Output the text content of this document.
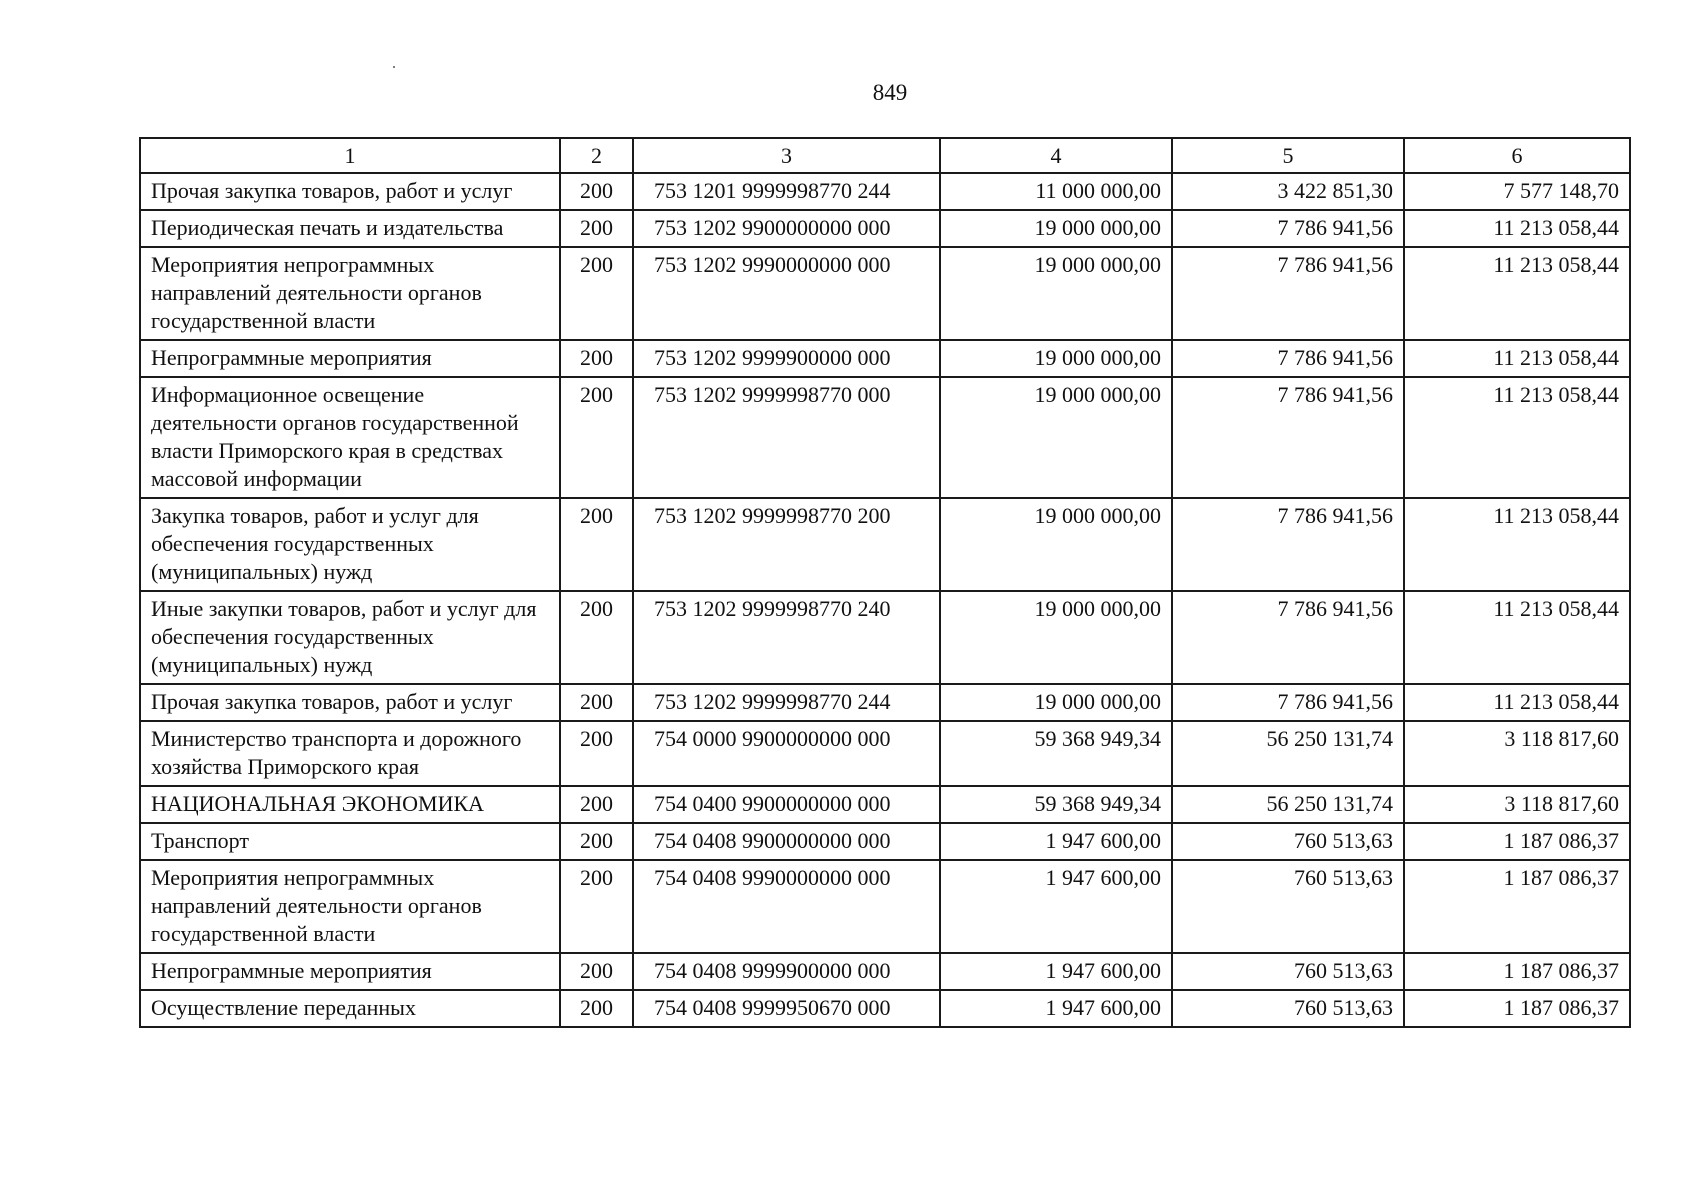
849
1	2	3	4	5	6
Прочая закупка товаров, работ и услуг	200	753 1201 9999998770 244	11 000 000,00	3 422 851,30	7 577 148,70
Периодическая печать и издательства	200	753 1202 9900000000 000	19 000 000,00	7 786 941,56	11 213 058,44
Мероприятия непрограммных направлений деятельности органов государственной власти	200	753 1202 9990000000 000	19 000 000,00	7 786 941,56	11 213 058,44
Непрограммные мероприятия	200	753 1202 9999900000 000	19 000 000,00	7 786 941,56	11 213 058,44
Информационное освещение деятельности органов государственной власти Приморского края в средствах массовой информации	200	753 1202 9999998770 000	19 000 000,00	7 786 941,56	11 213 058,44
Закупка товаров, работ и услуг для обеспечения государственных (муниципальных) нужд	200	753 1202 9999998770 200	19 000 000,00	7 786 941,56	11 213 058,44
Иные закупки товаров, работ и услуг для обеспечения государственных (муниципальных) нужд	200	753 1202 9999998770 240	19 000 000,00	7 786 941,56	11 213 058,44
Прочая закупка товаров, работ и услуг	200	753 1202 9999998770 244	19 000 000,00	7 786 941,56	11 213 058,44
Министерство транспорта и дорожного хозяйства Приморского края	200	754 0000 9900000000 000	59 368 949,34	56 250 131,74	3 118 817,60
НАЦИОНАЛЬНАЯ ЭКОНОМИКА	200	754 0400 9900000000 000	59 368 949,34	56 250 131,74	3 118 817,60
Транспорт	200	754 0408 9900000000 000	1 947 600,00	760 513,63	1 187 086,37
Мероприятия непрограммных направлений деятельности органов государственной власти	200	754 0408 9990000000 000	1 947 600,00	760 513,63	1 187 086,37
Непрограммные мероприятия	200	754 0408 9999900000 000	1 947 600,00	760 513,63	1 187 086,37
Осуществление переданных	200	754 0408 9999950670 000	1 947 600,00	760 513,63	1 187 086,37
